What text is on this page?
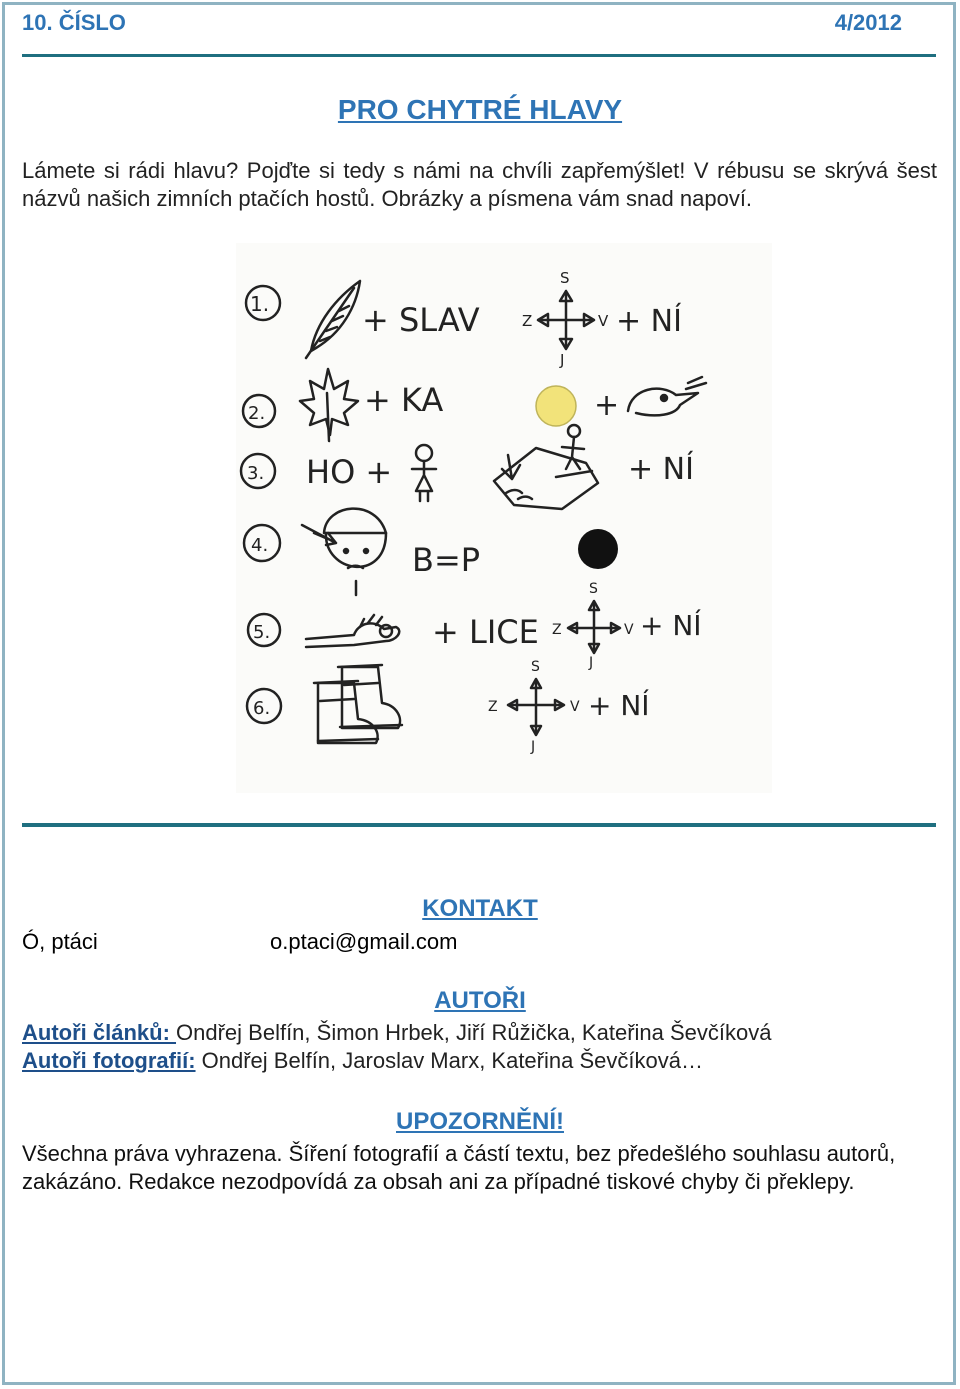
10. ČÍSLO	4/2012
PRO CHYTRÉ HLAVY
Lámete si rádi hlavu? Pojďte si tedy s námi na chvíli zapřemýšlet! V rébusu se skrývá šest názvů našich zimních ptačích hostů. Obrázky a písmena vám snad napoví.
1.	+ SLAV
S
Z	V
J
+ NÍ
2.	+ KA	+
3. HO +	+ NÍ
4.	B=P
5.	+ LICE
S
Z	V
J
+ NÍ
6.
S
Z	V
J
+ NÍ
KONTAKT
Ó, ptáci	o.ptaci@gmail.com
AUTOŘI
Autoři článků: Ondřej Belfín, Šimon Hrbek, Jiří Růžička, Kateřina Ševčíková
Autoři fotografií: Ondřej Belfín, Jaroslav Marx, Kateřina Ševčíková…
UPOZORNĚNÍ!
Všechna práva vyhrazena. Šíření fotografií a částí textu, bez předešlého souhlasu autorů, zakázáno. Redakce nezodpovídá za obsah ani za případné tiskové chyby či překlepy.
